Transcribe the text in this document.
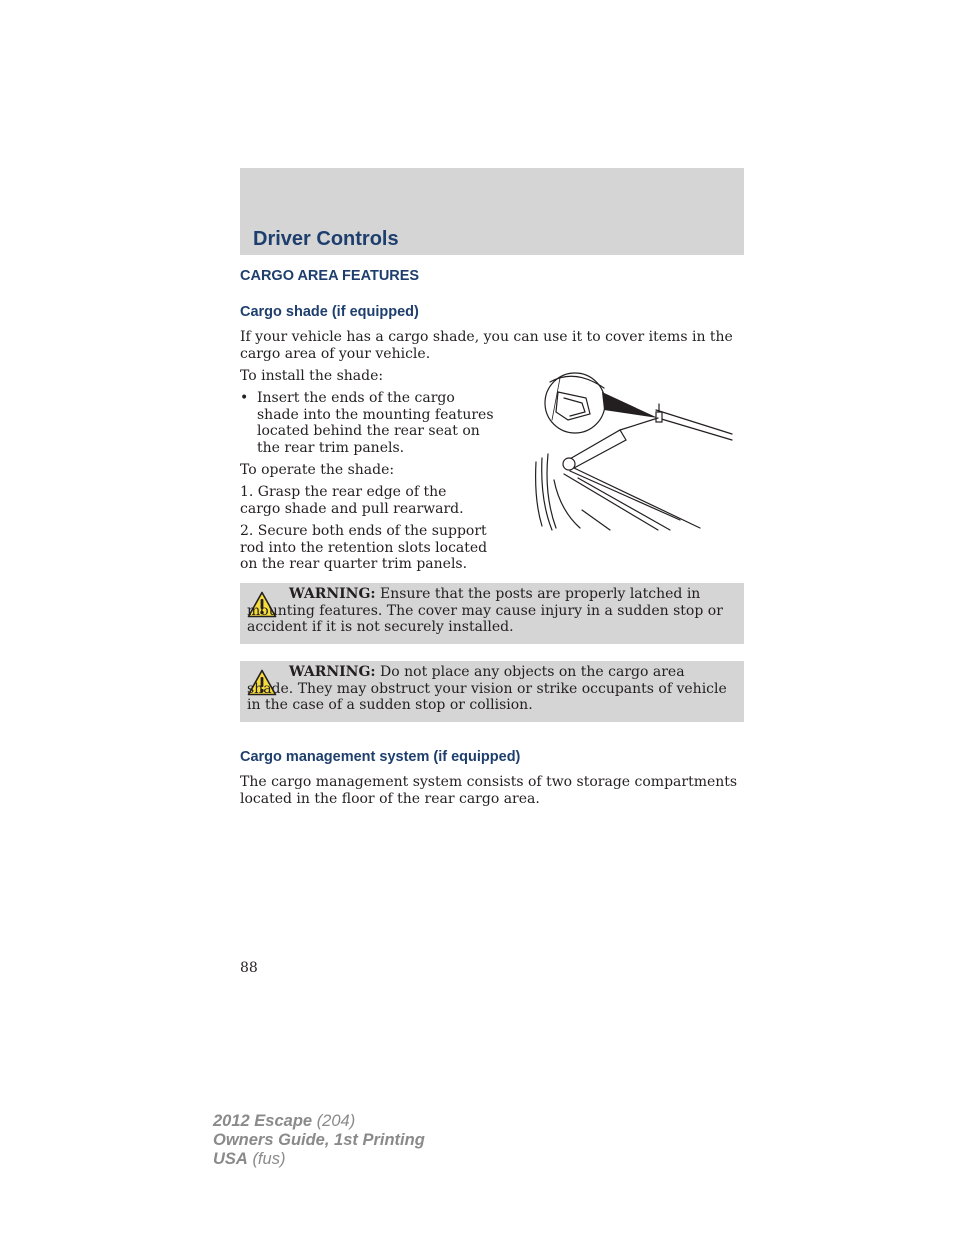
Driver Controls
CARGO AREA FEATURES
Cargo shade (if equipped)

If your vehicle has a cargo shade, you can use it to cover items in the cargo area of your vehicle.

To install the shade:

• Insert the ends of the cargo shade into the mounting features located behind the rear seat on the rear trim panels.

To operate the shade:

1. Grasp the rear edge of the cargo shade and pull rearward.

2. Secure both ends of the support rod into the retention slots located on the rear quarter trim panels.

WARNING: Ensure that the posts are properly latched in mounting features. The cover may cause injury in a sudden stop or accident if it is not securely installed.

WARNING: Do not place any objects on the cargo area shade. They may obstruct your vision or strike occupants of vehicle in the case of a sudden stop or collision.

Cargo management system (if equipped)

The cargo management system consists of two storage compartments located in the floor of the rear cargo area.

88

2012 Escape (204)
Owners Guide, 1st Printing
USA (fus)
